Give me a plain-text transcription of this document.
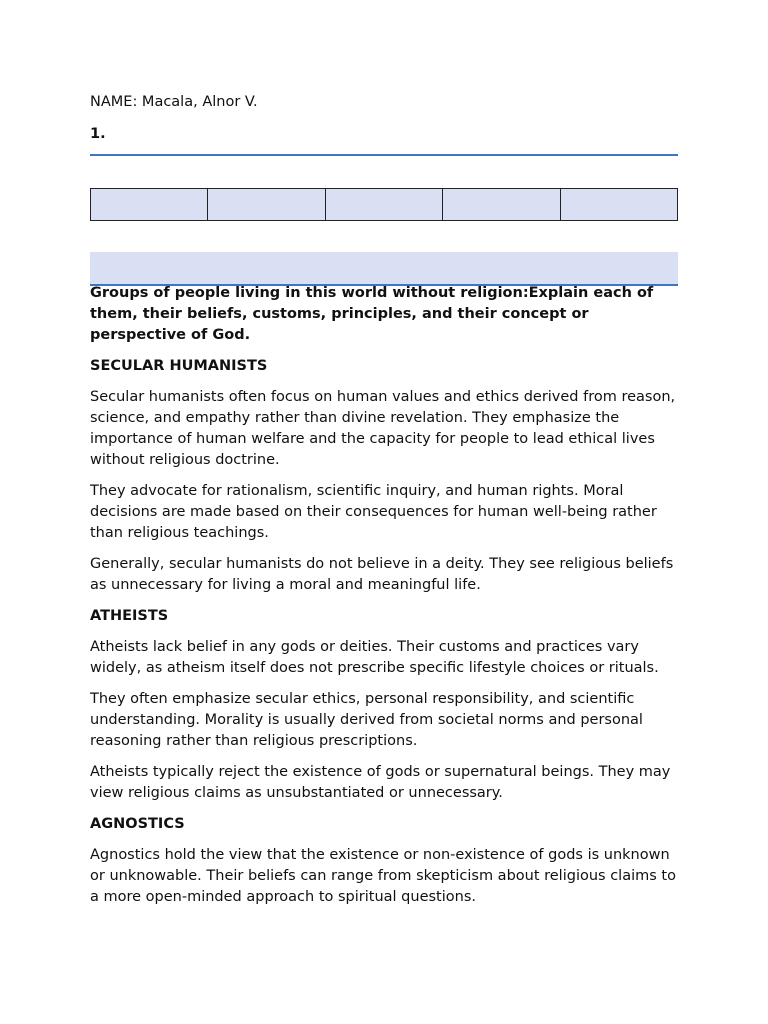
NAME: Macala, Alnor V.
1.

Groups of people living in this world without religion:Explain each of them, their beliefs, customs, principles, and their concept or perspective of God.

SECULAR HUMANISTS

Secular humanists often focus on human values and ethics derived from reason, science, and empathy rather than divine revelation. They emphasize the importance of human welfare and the capacity for people to lead ethical lives without religious doctrine.

They advocate for rationalism, scientific inquiry, and human rights. Moral decisions are made based on their consequences for human well-being rather than religious teachings.

Generally, secular humanists do not believe in a deity. They see religious beliefs as unnecessary for living a moral and meaningful life.

ATHEISTS

Atheists lack belief in any gods or deities. Their customs and practices vary widely, as atheism itself does not prescribe specific lifestyle choices or rituals.

They often emphasize secular ethics, personal responsibility, and scientific understanding. Morality is usually derived from societal norms and personal reasoning rather than religious prescriptions.

Atheists typically reject the existence of gods or supernatural beings. They may view religious claims as unsubstantiated or unnecessary.

AGNOSTICS

Agnostics hold the view that the existence or non-existence of gods is unknown or unknowable. Their beliefs can range from skepticism about religious claims to a more open-minded approach to spiritual questions.
